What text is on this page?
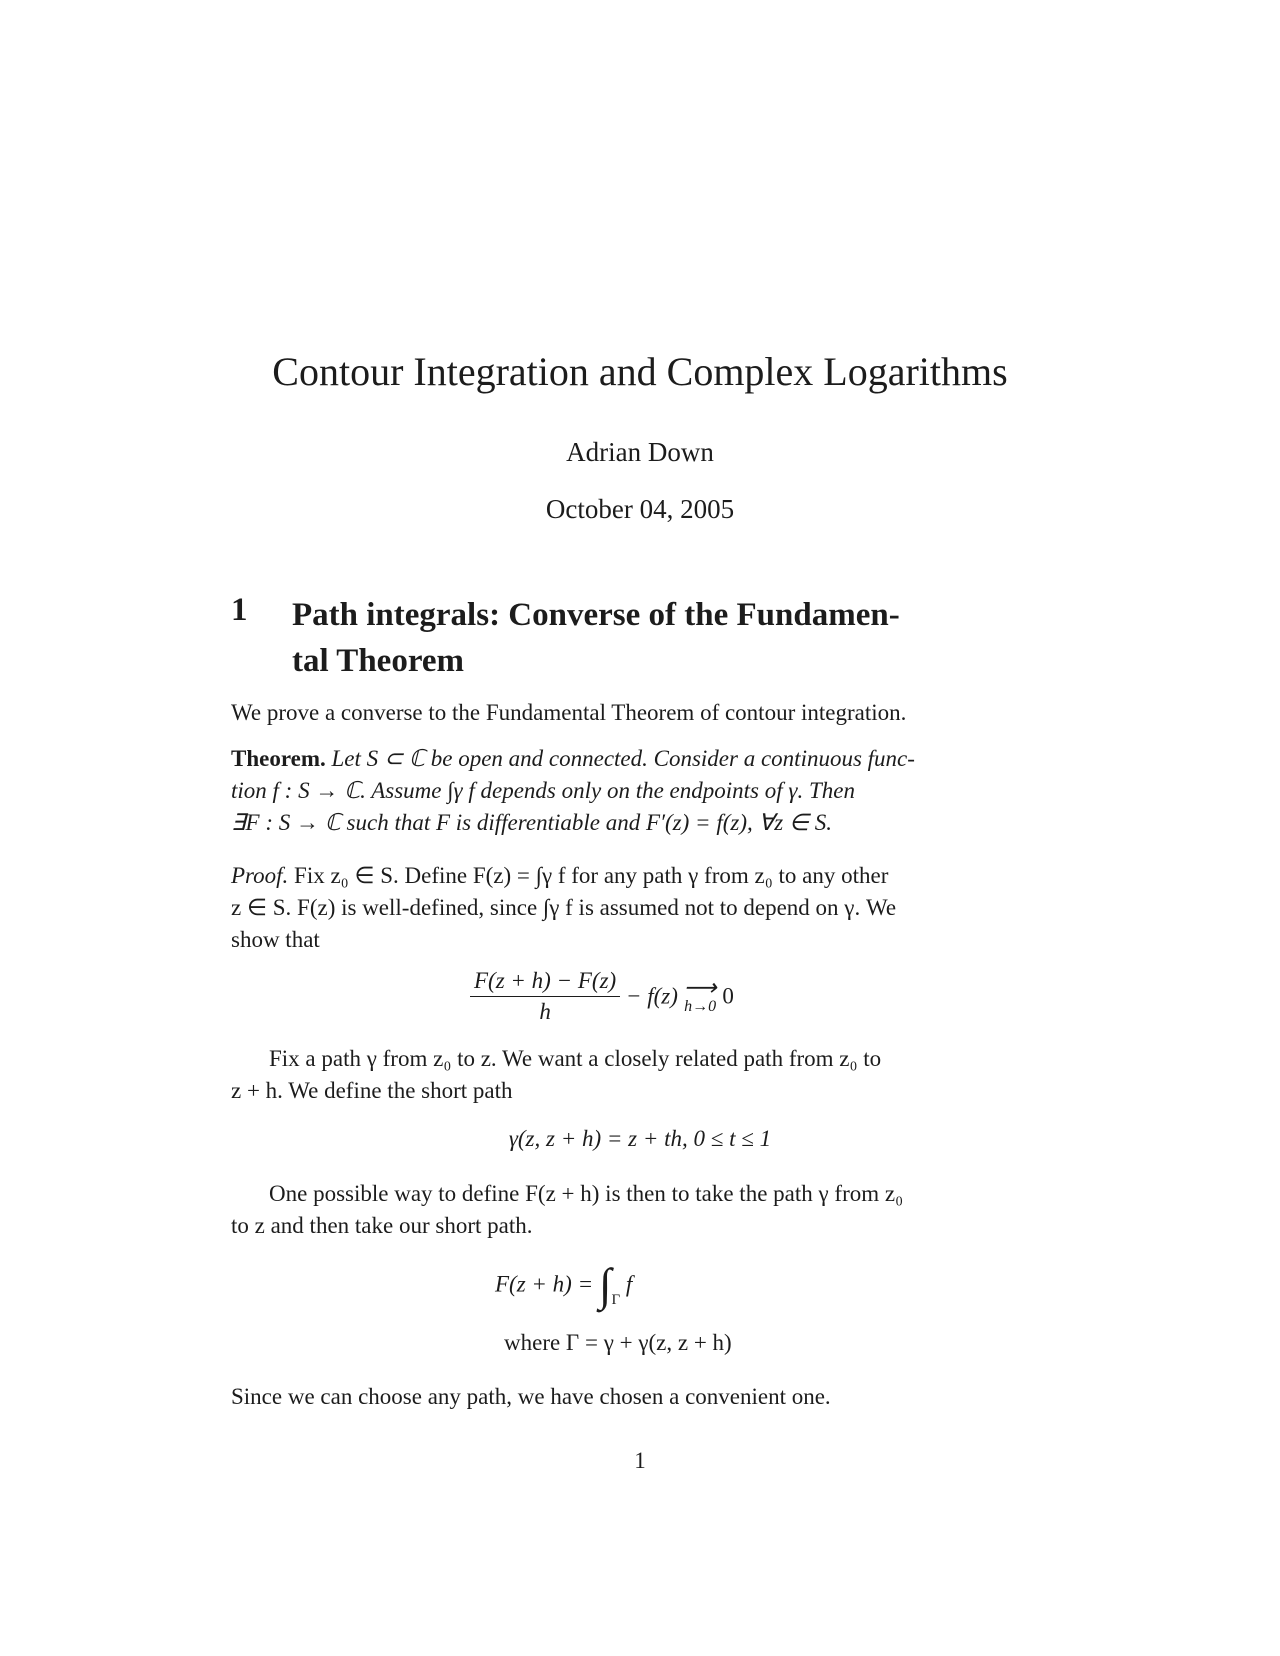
Contour Integration and Complex Logarithms
Adrian Down
October 04, 2005
1 Path integrals: Converse of the Fundamen-
tal Theorem
We prove a converse to the Fundamental Theorem of contour integration.
Theorem. Let S ⊂ ℂ be open and connected. Consider a continuous func-
tion f : S → ℂ. Assume ∫γ f depends only on the endpoints of γ. Then
∃F : S → ℂ such that F is differentiable and F′(z) = f(z), ∀z ∈ S.
Proof. Fix z₀ ∈ S. Define F(z) = ∫γ f for any path γ from z₀ to any other
z ∈ S. F(z) is well-defined, since ∫γ f is assumed not to depend on γ. We
show that
$\frac{F(z + h) - F(z)}{h} - f(z)$ ⟶
h→0 0
Fix a path γ from z₀ to z. We want a closely related path from z₀ to
z + h. We define the short path
γ(z, z + h) = z + th, 0 ≤ t ≤ 1
One possible way to define F(z + h) is then to take the path γ from z₀
to z and then take our short path.
$F(z + h) = \int_\Gamma$ f
where Γ = γ + γ(z, z + h)
Since we can choose any path, we have chosen a convenient one.
1
